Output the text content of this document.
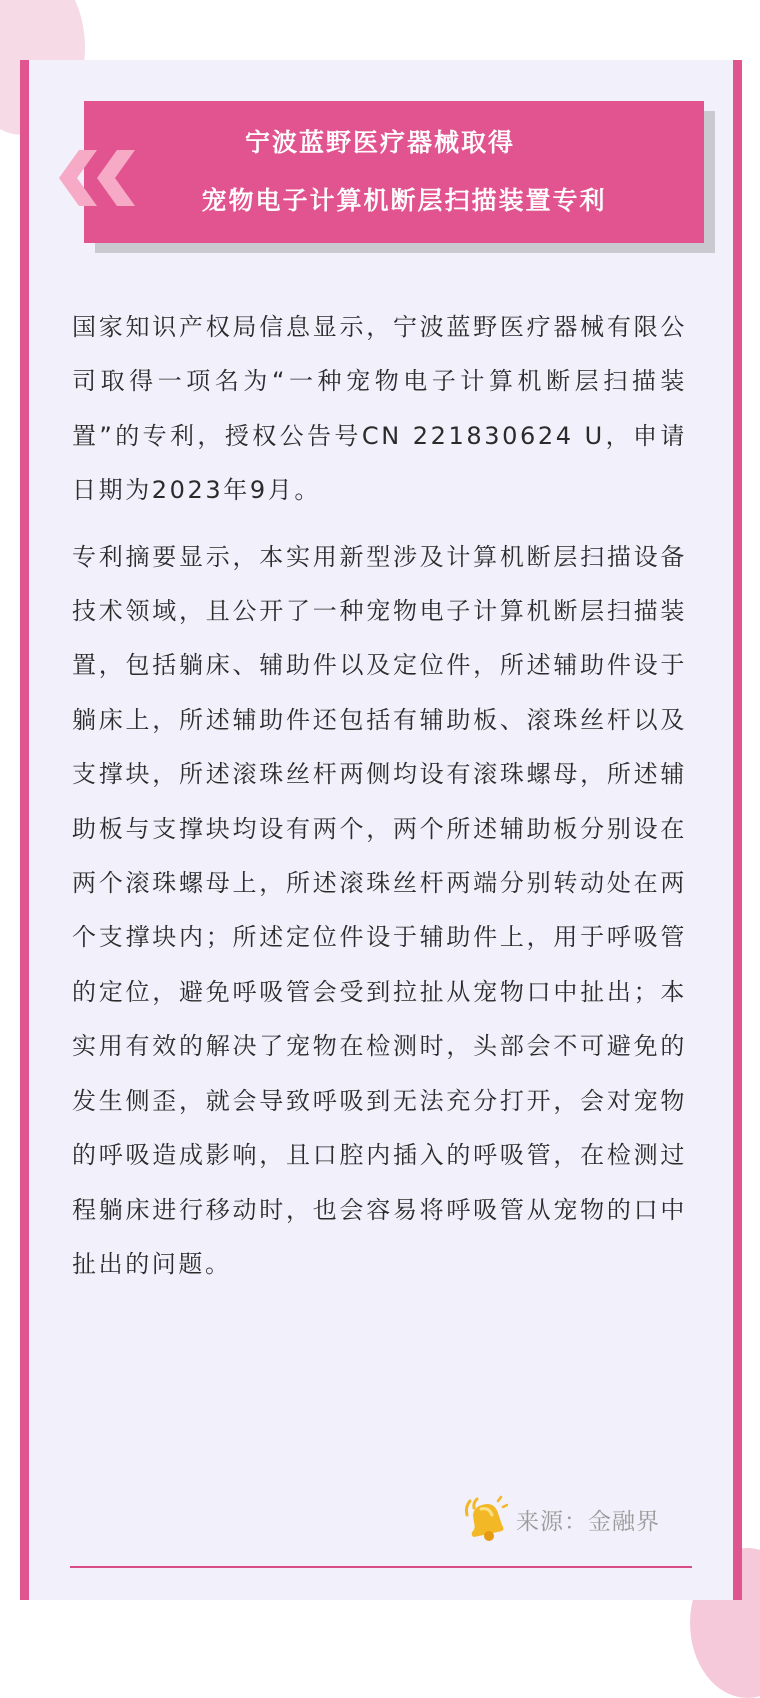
宁波蓝野医疗器械取得
宠物电子计算机断层扫描装置专利

国家知识产权局信息显示，宁波蓝野医疗器械有限公司取得一项名为“一种宠物电子计算机断层扫描装置”的专利，授权公告号CN 221830624 U，申请日期为2023年9月。

专利摘要显示，本实用新型涉及计算机断层扫描设备技术领域，且公开了一种宠物电子计算机断层扫描装置，包括躺床、辅助件以及定位件，所述辅助件设于躺床上，所述辅助件还包括有辅助板、滚珠丝杆以及支撑块，所述滚珠丝杆两侧均设有滚珠螺母，所述辅助板与支撑块均设有两个，两个所述辅助板分别设在两个滚珠螺母上，所述滚珠丝杆两端分别转动处在两个支撑块内；所述定位件设于辅助件上，用于呼吸管的定位，避免呼吸管会受到拉扯从宠物口中扯出；本实用有效的解决了宠物在检测时，头部会不可避免的发生侧歪，就会导致呼吸到无法充分打开，会对宠物的呼吸造成影响，且口腔内插入的呼吸管，在检测过程躺床进行移动时，也会容易将呼吸管从宠物的口中扯出的问题。

来源：金融界
